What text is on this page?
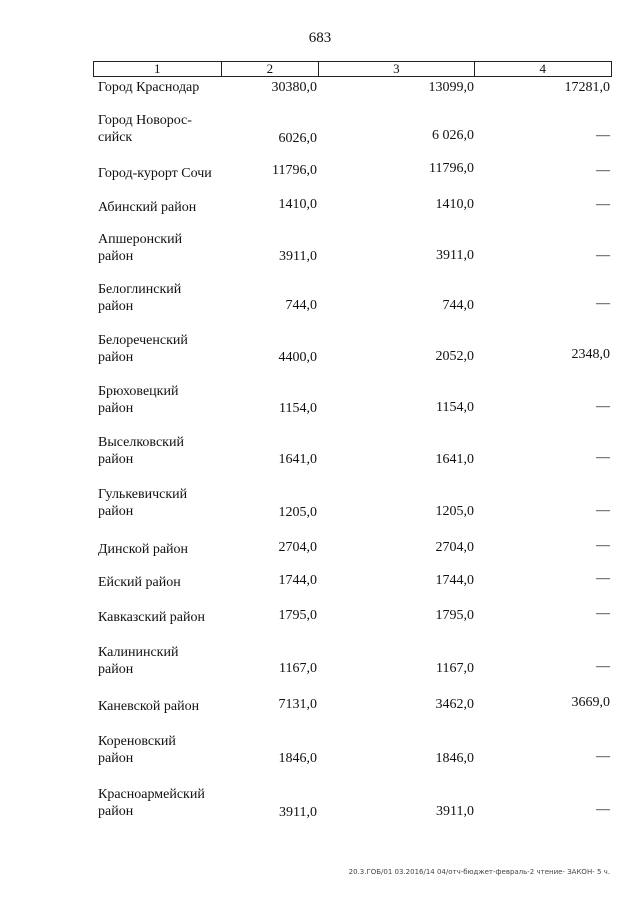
683
1	2	3	4
Город Краснодар	30380,0	13099,0	17281,0
Город Новорос-
сийск	6026,0	6 026,0	—
Город-курорт Сочи	11796,0	11796,0	—
Абинский район	1410,0	1410,0	—
Апшеронский
район	3911,0	3911,0	—
Белоглинский
район	744,0	744,0	—
Белореченский
район	4400,0	2052,0	2348,0
Брюховецкий
район	1154,0	1154,0	—
Выселковский
район	1641,0	1641,0	—
Гулькевичский
район	1205,0	1205,0	—
Динской район	2704,0	2704,0	—
Ейский район	1744,0	1744,0	—
Кавказский район	1795,0	1795,0	—
Калининский
район	1167,0	1167,0	—
Каневской район	7131,0	3462,0	3669,0
Кореновский
район	1846,0	1846,0	—
Красноармейский
район	3911,0	3911,0	—
20.3.ГОБ/01 03.2016/14 04/отч-бюджет-февраль-2 чтение- ЗАКОН- 5 ч.
